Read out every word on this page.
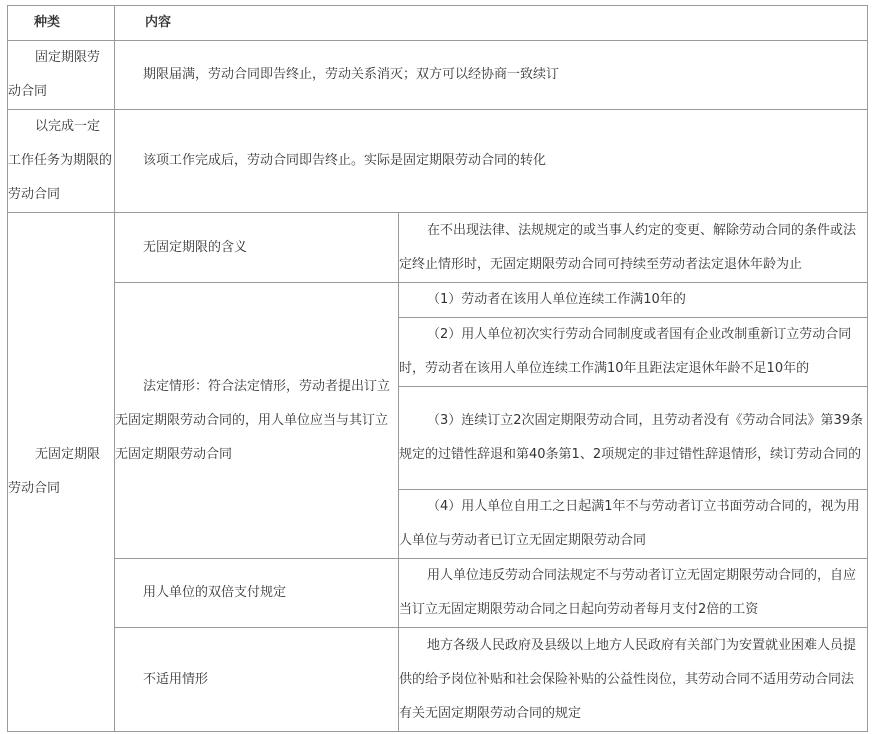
种类	内容	
固定期限劳动合同	期限届满，劳动合同即告终止，劳动关系消灭；双方可以经协商一致续订	
以完成一定工作任务为期限的劳动合同	该项工作完成后，劳动合同即告终止。实际是固定期限劳动合同的转化	
无固定期限劳动合同	无固定期限的含义	在不出现法律、法规规定的或当事人约定的变更、解除劳动合同的条件或法定终止情形时，无固定期限劳动合同可持续至劳动者法定退休年龄为止
	法定情形：符合法定情形，劳动者提出订立无固定期限劳动合同的，用人单位应当与其订立无固定期限劳动合同	（1）劳动者在该用人单位连续工作满10年的
		（2）用人单位初次实行劳动合同制度或者国有企业改制重新订立劳动合同时，劳动者在该用人单位连续工作满10年且距法定退休年龄不足10年的
		（3）连续订立2次固定期限劳动合同，且劳动者没有《劳动合同法》第39条规定的过错性辞退和第40条第1、2项规定的非过错性辞退情形，续订劳动合同的
		（4）用人单位自用工之日起满1年不与劳动者订立书面劳动合同的，视为用人单位与劳动者已订立无固定期限劳动合同
	用人单位的双倍支付规定	用人单位违反劳动合同法规定不与劳动者订立无固定期限劳动合同的，自应当订立无固定期限劳动合同之日起向劳动者每月支付2倍的工资
	不适用情形	地方各级人民政府及县级以上地方人民政府有关部门为安置就业困难人员提供的给予岗位补贴和社会保险补贴的公益性岗位，其劳动合同不适用劳动合同法有关无固定期限劳动合同的规定
